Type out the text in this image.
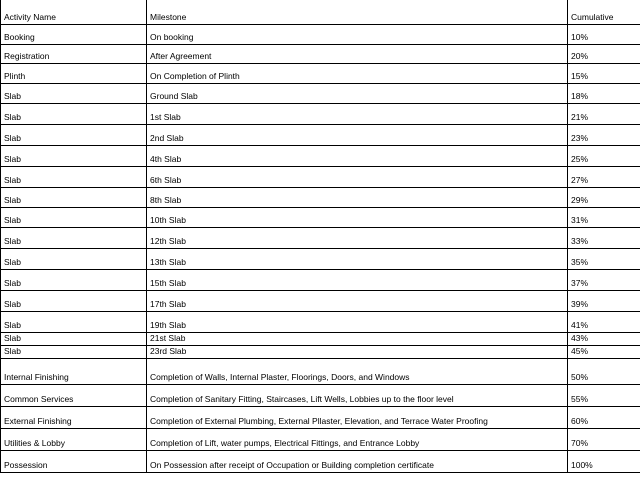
Activity Name	Milestone	Cumulative
Booking	On booking	10%
Registration	After Agreement	20%
Plinth	On Completion of Plinth	15%
Slab	Ground Slab	18%
Slab	1st Slab	21%
Slab	2nd Slab	23%
Slab	4th Slab	25%
Slab	6th Slab	27%
Slab	8th Slab	29%
Slab	10th Slab	31%
Slab	12th Slab	33%
Slab	13th Slab	35%
Slab	15th Slab	37%
Slab	17th Slab	39%
Slab	19th Slab	41%
Slab	21st Slab	43%
Slab	23rd Slab	45%
Internal Finishing	Completion of Walls, Internal Plaster, Floorings, Doors, and Windows	50%
Common Services	Completion of Sanitary Fitting, Staircases, Lift Wells, Lobbies up to the floor level	55%
External Finishing	Completion of External Plumbing, External Pllaster, Elevation, and Terrace Water Proofing	60%
Utilities & Lobby	Completion of Lift, water pumps, Electrical Fittings, and Entrance Lobby	70%
Possession	On Possession after receipt of Occupation or Building completion certificate	100%
